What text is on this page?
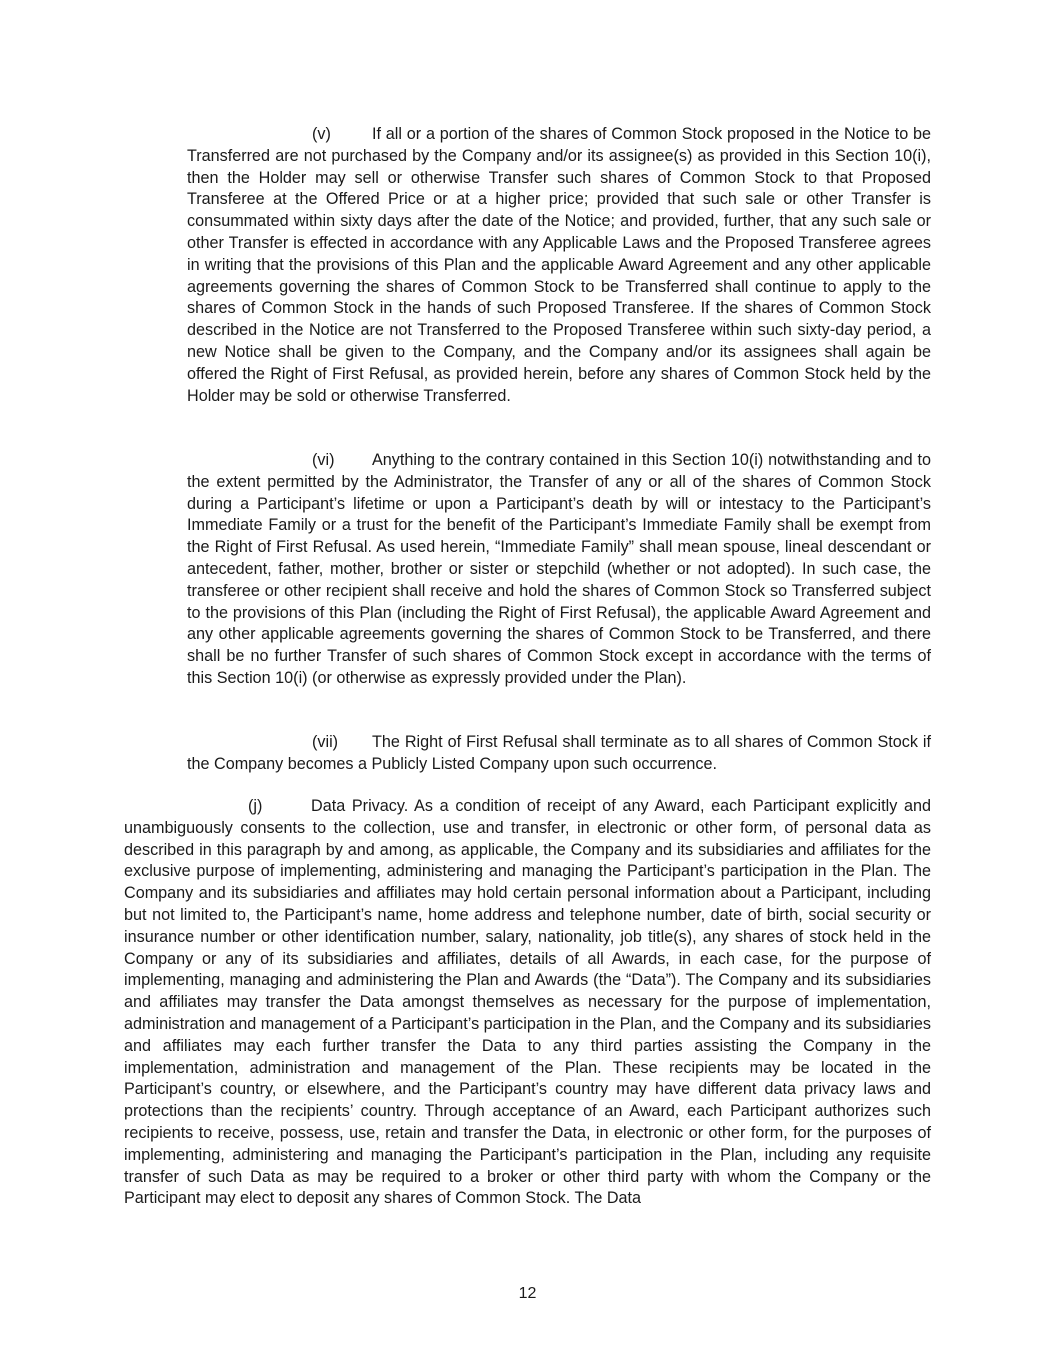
(v)	If all or a portion of the shares of Common Stock proposed in the Notice to be Transferred are not purchased by the Company and/or its assignee(s) as provided in this Section 10(i), then the Holder may sell or otherwise Transfer such shares of Common Stock to that Proposed Transferee at the Offered Price or at a higher price; provided that such sale or other Transfer is consummated within sixty days after the date of the Notice; and provided, further, that any such sale or other Transfer is effected in accordance with any Applicable Laws and the Proposed Transferee agrees in writing that the provisions of this Plan and the applicable Award Agreement and any other applicable agreements governing the shares of Common Stock to be Transferred shall continue to apply to the shares of Common Stock in the hands of such Proposed Transferee. If the shares of Common Stock described in the Notice are not Transferred to the Proposed Transferee within such sixty-day period, a new Notice shall be given to the Company, and the Company and/or its assignees shall again be offered the Right of First Refusal, as provided herein, before any shares of Common Stock held by the Holder may be sold or otherwise Transferred.

(vi) Anything to the contrary contained in this Section 10(i) notwithstanding and to the extent permitted by the Administrator, the Transfer of any or all of the shares of Common Stock during a Participant’s lifetime or upon a Participant’s death by will or intestacy to the Participant’s Immediate Family or a trust for the benefit of the Participant’s Immediate Family shall be exempt from the Right of First Refusal. As used herein, “Immediate Family” shall mean spouse, lineal descendant or antecedent, father, mother, brother or sister or stepchild (whether or not adopted). In such case, the transferee or other recipient shall receive and hold the shares of Common Stock so Transferred subject to the provisions of this Plan (including the Right of First Refusal), the applicable Award Agreement and any other applicable agreements governing the shares of Common Stock to be Transferred, and there shall be no further Transfer of such shares of Common Stock except in accordance with the terms of this Section 10(i) (or otherwise as expressly provided under the Plan).

(vii) The Right of First Refusal shall terminate as to all shares of Common Stock if the Company becomes a Publicly Listed Company upon such occurrence.

(j)	Data Privacy. As a condition of receipt of any Award, each Participant explicitly and unambiguously consents to the collection, use and transfer, in electronic or other form, of personal data as described in this paragraph by and among, as applicable, the Company and its subsidiaries and affiliates for the exclusive purpose of implementing, administering and managing the Participant’s participation in the Plan. The Company and its subsidiaries and affiliates may hold certain personal information about a Participant, including but not limited to, the Participant’s name, home address and telephone number, date of birth, social security or insurance number or other identification number, salary, nationality, job title(s), any shares of stock held in the Company or any of its subsidiaries and affiliates, details of all Awards, in each case, for the purpose of implementing, managing and administering the Plan and Awards (the “Data”). The Company and its subsidiaries and affiliates may transfer the Data amongst themselves as necessary for the purpose of implementation, administration and management of a Participant’s participation in the Plan, and the Company and its subsidiaries and affiliates may each further transfer the Data to any third parties assisting the Company in the implementation, administration and management of the Plan. These recipients may be located in the Participant’s country, or elsewhere, and the Participant’s country may have different data privacy laws and protections than the recipients’ country. Through acceptance of an Award, each Participant authorizes such recipients to receive, possess, use, retain and transfer the Data, in electronic or other form, for the purposes of implementing, administering and managing the Participant’s participation in the Plan, including any requisite transfer of such Data as may be required to a broker or other third party with whom the Company or the Participant may elect to deposit any shares of Common Stock. The Data

12
